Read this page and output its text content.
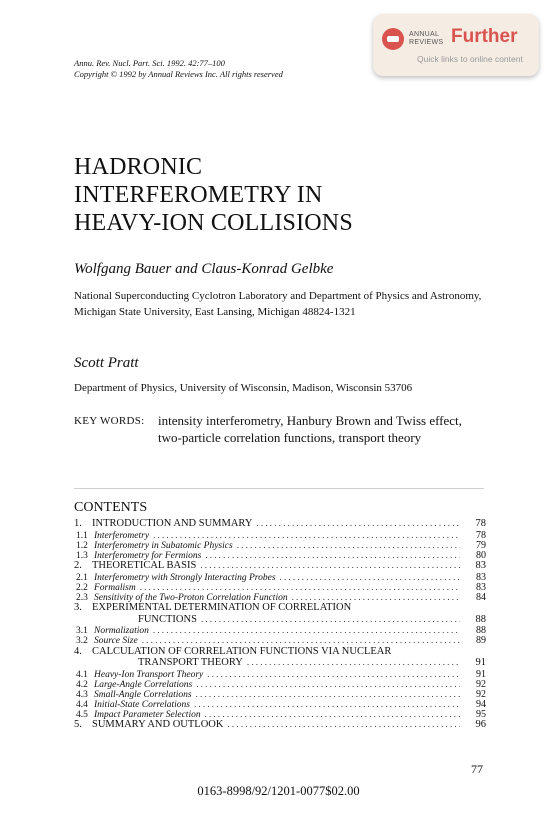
ANNUAL REVIEWS Further
Quick links to online content
Annu. Rev. Nucl. Part. Sci. 1992. 42:77–100
Copyright © 1992 by Annual Reviews Inc. All rights reserved
HADRONIC
INTERFEROMETRY IN
HEAVY-ION COLLISIONS
Wolfgang Bauer and Claus-Konrad Gelbke
National Superconducting Cyclotron Laboratory and Department of Physics and Astronomy, Michigan State University, East Lansing, Michigan 48824-1321
Scott Pratt
Department of Physics, University of Wisconsin, Madison, Wisconsin 53706
KEY WORDS: intensity interferometry, Hanbury Brown and Twiss effect, two-particle correlation functions, transport theory
CONTENTS
1. INTRODUCTION AND SUMMARY .....	78
1.1 Interferometry .....	78
1.2 Interferometry in Subatomic Physics .....	79
1.3 Interferometry for Fermions .....	80
2. THEORETICAL BASIS .....	83
2.1 Interferometry with Strongly Interacting Probes .....	83
2.2 Formalism .....	83
2.3 Sensitivity of the Two-Proton Correlation Function .....	84
3. EXPERIMENTAL DETERMINATION OF CORRELATION
FUNCTIONS .....	88
3.1 Normalization .....	88
3.2 Source Size .....	89
4. CALCULATION OF CORRELATION FUNCTIONS VIA NUCLEAR
TRANSPORT THEORY .....	91
4.1 Heavy-Ion Transport Theory .....	91
4.2 Large-Angle Correlations .....	92
4.3 Small-Angle Correlations .....	92
4.4 Initial-State Correlations .....	94
4.5 Impact Parameter Selection .....	95
5. SUMMARY AND OUTLOOK .....	96
77
0163-8998/92/1201-0077$02.00
